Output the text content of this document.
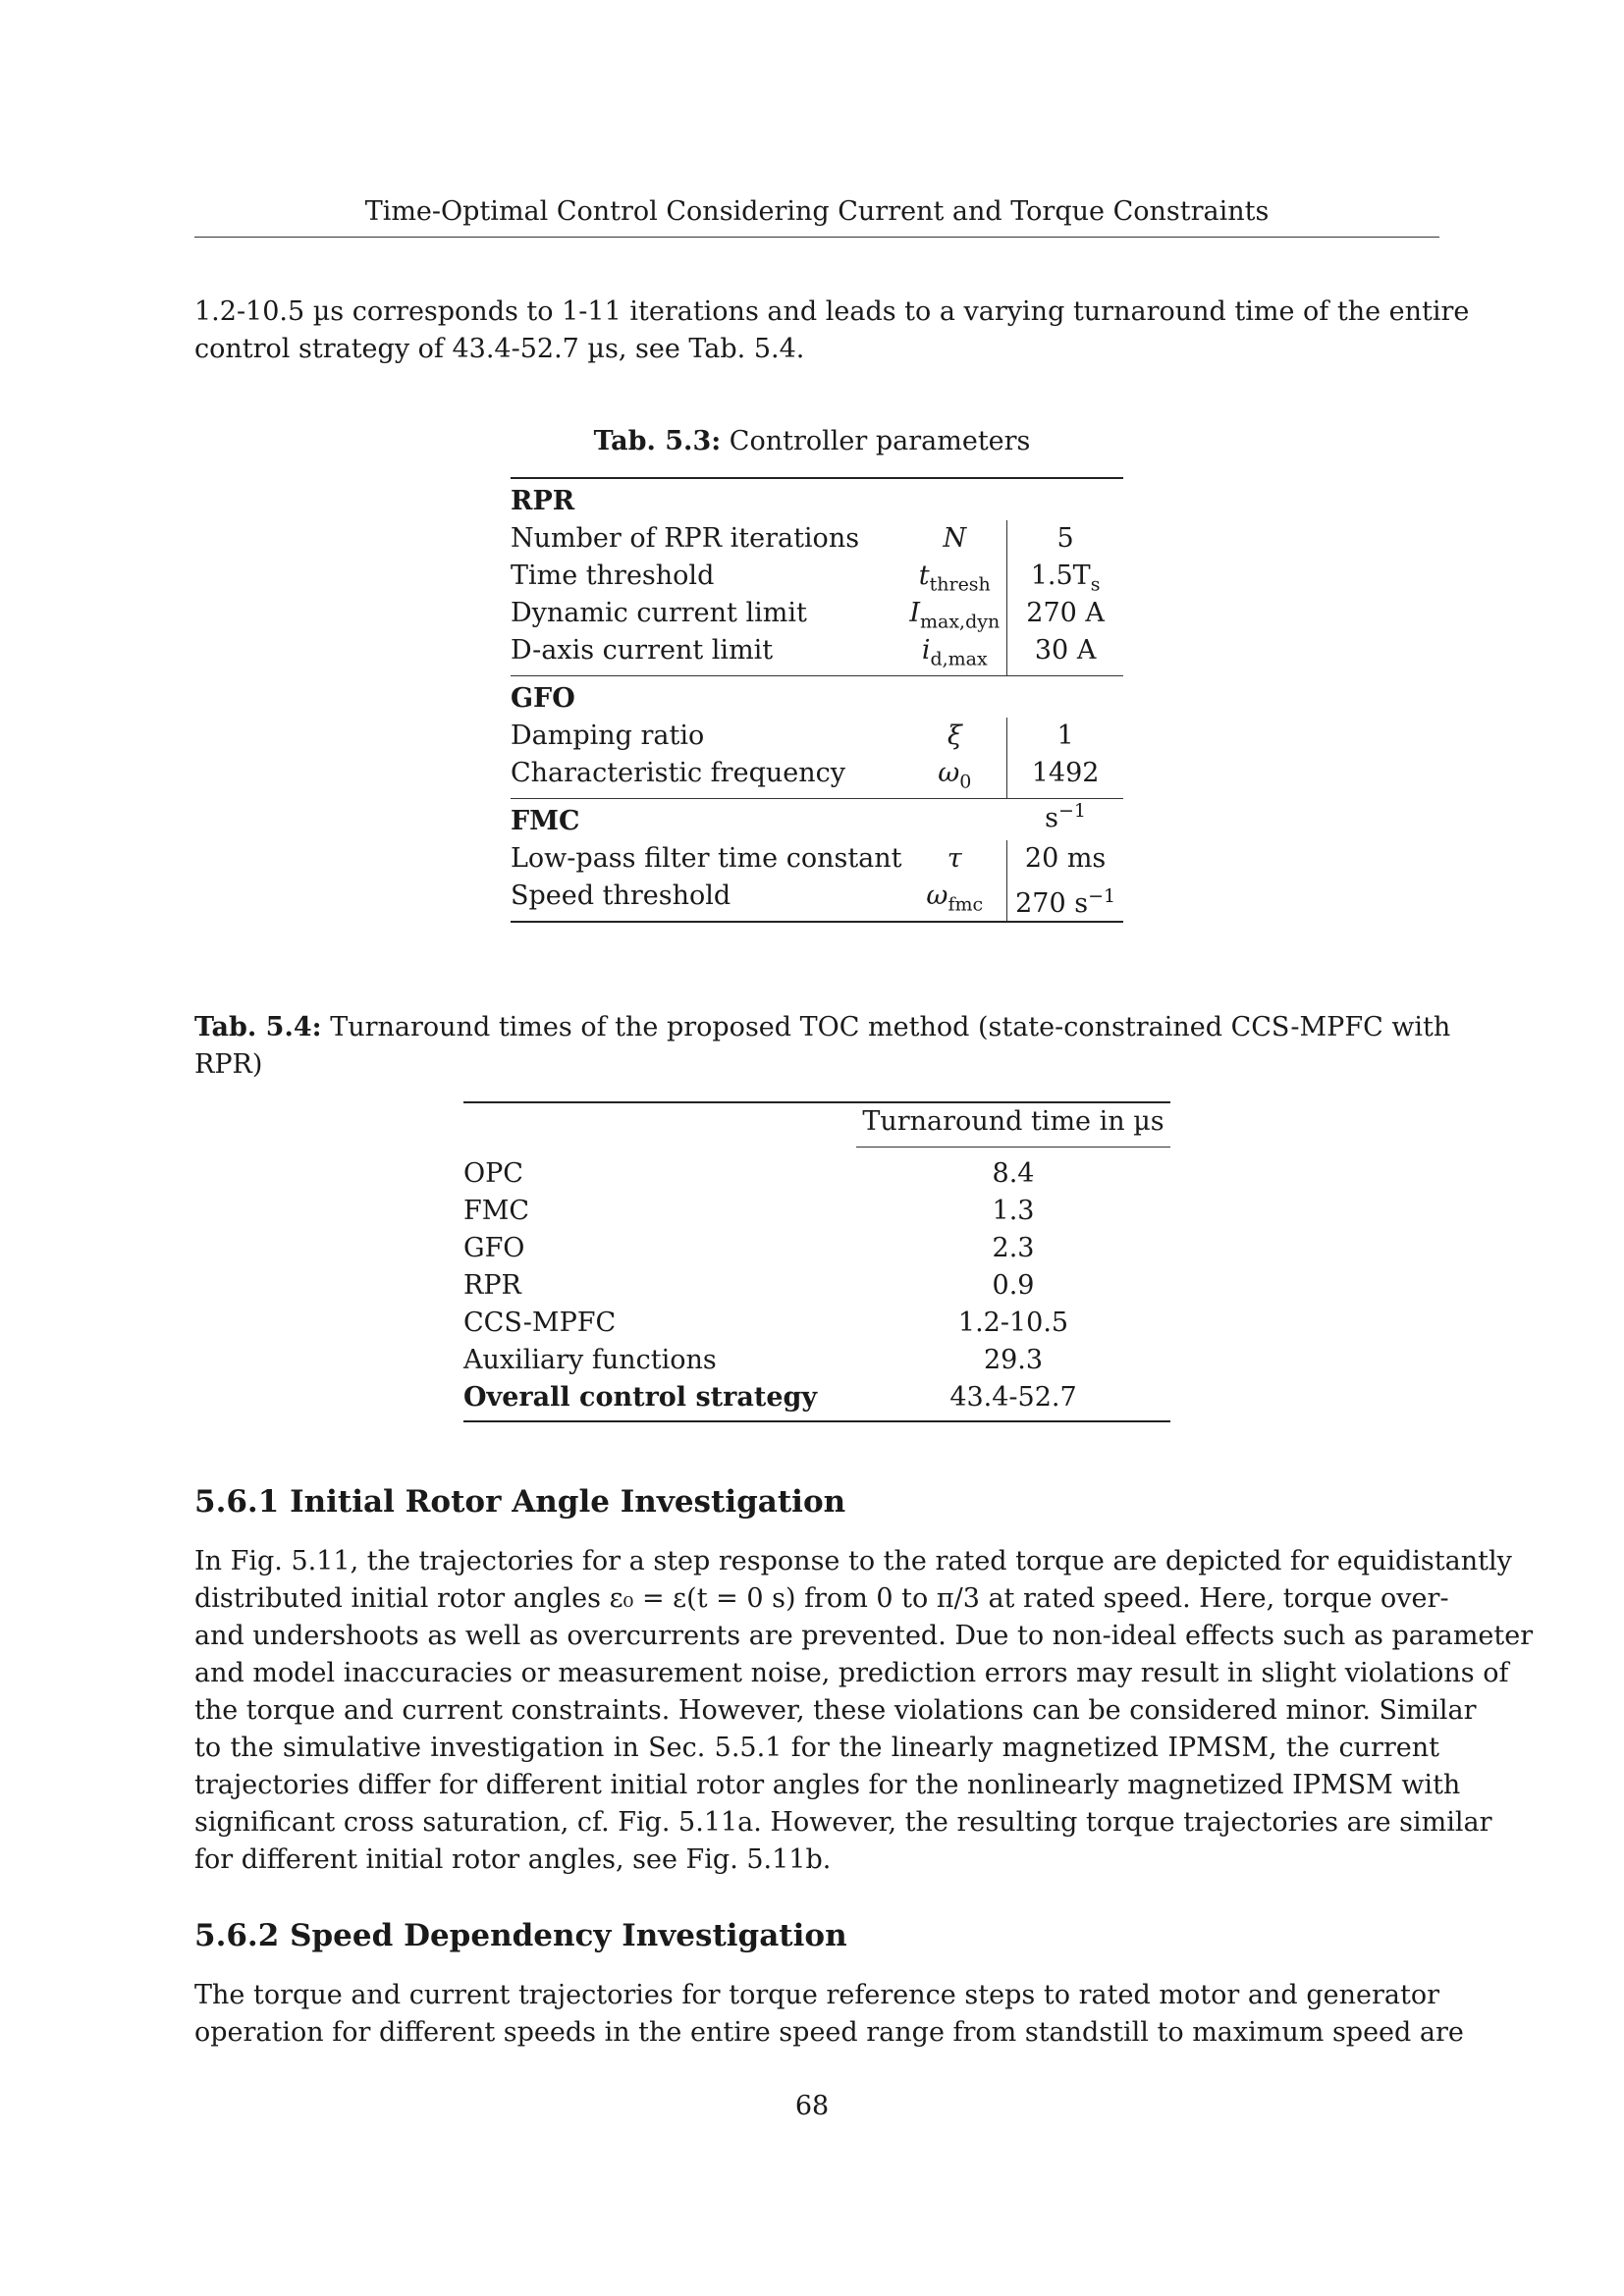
Time-Optimal Control Considering Current and Torque Constraints
1.2-10.5 µs corresponds to 1-11 iterations and leads to a varying turnaround time of the entire
control strategy of 43.4-52.7 µs, see Tab. 5.4.
Tab. 5.3: Controller parameters
RPR
Number of RPR iterations	N	5
Time threshold	$t_{thresh}$	$1.5T_s$
Dynamic current limit	$I_{max,dyn}$	270 A
D-axis current limit	$i_{d,max}$	30 A
GFO
Damping ratio	ξ	1
Characteristic frequency	$\omega_0$	1492 $s^{-1}$
FMC
Low-pass filter time constant	τ	20 ms
Speed threshold	$\omega_{fmc}$	270 $s^{-1}$
Tab. 5.4: Turnaround times of the proposed TOC method (state-constrained CCS-MPFC with
RPR)
Turnaround time in µs
OPC	8.4
FMC	1.3
GFO	2.3
RPR	0.9
CCS-MPFC	1.2-10.5
Auxiliary functions	29.3
Overall control strategy	43.4-52.7
5.6.1 Initial Rotor Angle Investigation
In Fig. 5.11, the trajectories for a step response to the rated torque are depicted for equidistantly
distributed initial rotor angles ε₀ = ε(t = 0 s) from 0 to π/3 at rated speed. Here, torque over-
and undershoots as well as overcurrents are prevented. Due to non-ideal effects such as parameter
and model inaccuracies or measurement noise, prediction errors may result in slight violations of
the torque and current constraints. However, these violations can be considered minor. Similar
to the simulative investigation in Sec. 5.5.1 for the linearly magnetized IPMSM, the current
trajectories differ for different initial rotor angles for the nonlinearly magnetized IPMSM with
significant cross saturation, cf. Fig. 5.11a. However, the resulting torque trajectories are similar
for different initial rotor angles, see Fig. 5.11b.
5.6.2 Speed Dependency Investigation
The torque and current trajectories for torque reference steps to rated motor and generator
operation for different speeds in the entire speed range from standstill to maximum speed are
68
